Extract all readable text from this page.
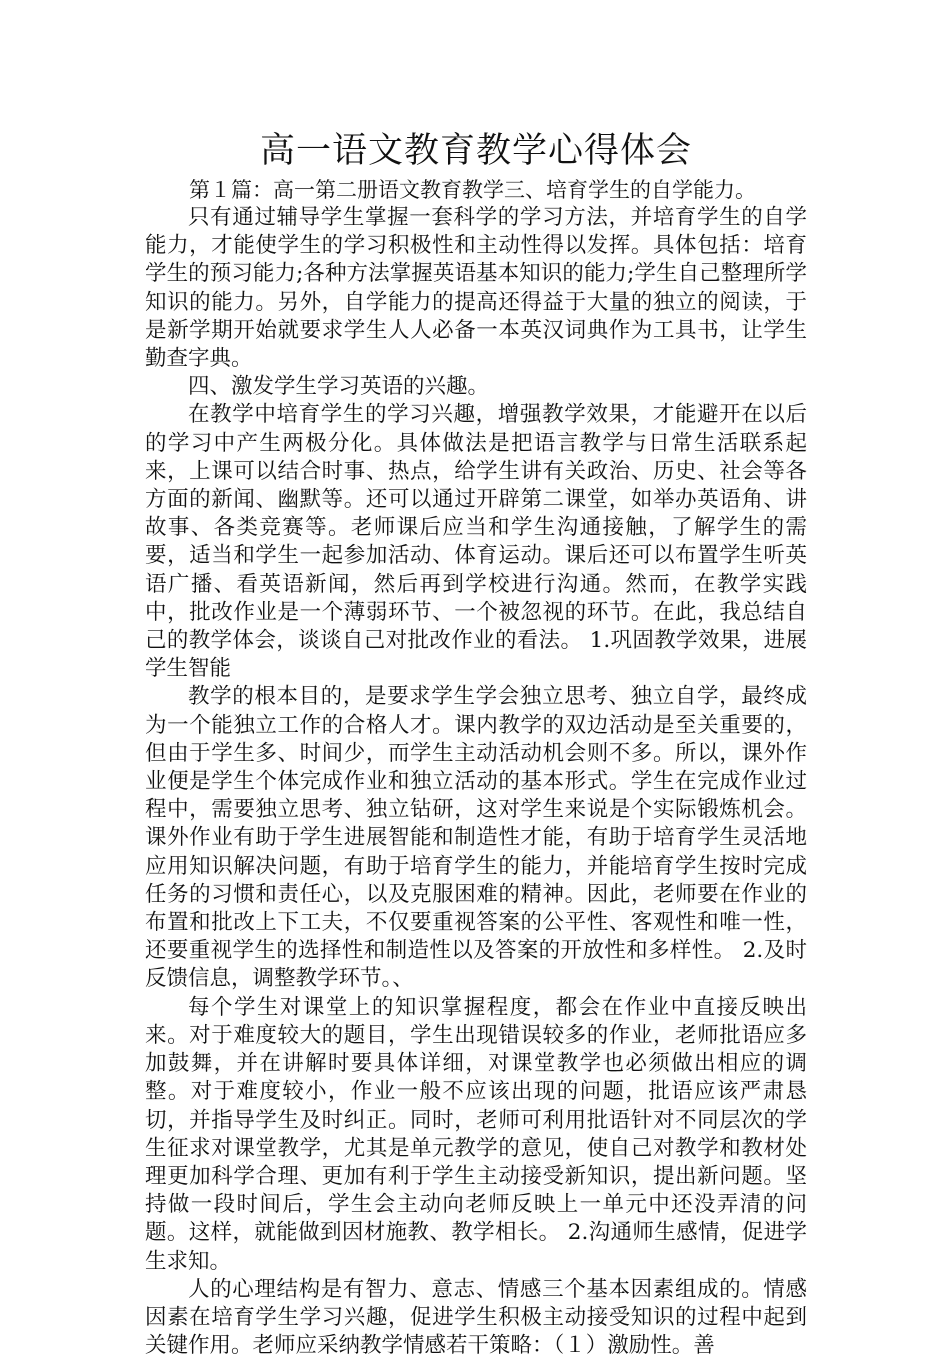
高一语文教育教学心得体会

第１篇：高一第二册语文教育教学三、培育学生的自学能力。

只有通过辅导学生掌握一套科学的学习方法，并培育学生的自学能力，才能使学生的学习积极性和主动性得以发挥。具体包括：培育学生的预习能力;各种方法掌握英语基本知识的能力;学生自己整理所学知识的能力。另外，自学能力的提高还得益于大量的独立的阅读，于是新学期开始就要求学生人人必备一本英汉词典作为工具书，让学生勤查字典。

四、激发学生学习英语的兴趣。

在教学中培育学生的学习兴趣，增强教学效果，才能避开在以后的学习中产生两极分化。具体做法是把语言教学与日常生活联系起来，上课可以结合时事、热点，给学生讲有关政治、历史、社会等各方面的新闻、幽默等。还可以通过开辟第二课堂，如举办英语角、讲故事、各类竞赛等。老师课后应当和学生沟通接触，了解学生的需要，适当和学生一起参加活动、体育运动。课后还可以布置学生听英语广播、看英语新闻，然后再到学校进行沟通。然而，在教学实践中，批改作业是一个薄弱环节、一个被忽视的环节。在此，我总结自己的教学体会，谈谈自己对批改作业的看法。 1.巩固教学效果，进展学生智能

教学的根本目的，是要求学生学会独立思考、独立自学，最终成为一个能独立工作的合格人才。课内教学的双边活动是至关重要的，但由于学生多、时间少，而学生主动活动机会则不多。所以，课外作业便是学生个体完成作业和独立活动的基本形式。学生在完成作业过程中，需要独立思考、独立钻研，这对学生来说是个实际锻炼机会。课外作业有助于学生进展智能和制造性才能，有助于培育学生灵活地应用知识解决问题，有助于培育学生的能力，并能培育学生按时完成任务的习惯和责任心，以及克服困难的精神。因此，老师要在作业的布置和批改上下工夫，不仅要重视答案的公平性、客观性和唯一性，还要重视学生的选择性和制造性以及答案的开放性和多样性。 2.及时反馈信息，调整教学环节。、

每个学生对课堂上的知识掌握程度，都会在作业中直接反映出来。对于难度较大的题目，学生出现错误较多的作业，老师批语应多加鼓舞，并在讲解时要具体详细，对课堂教学也必须做出相应的调整。对于难度较小，作业一般不应该出现的问题，批语应该严肃恳切，并指导学生及时纠正。同时，老师可利用批语针对不同层次的学生征求对课堂教学，尤其是单元教学的意见，使自己对教学和教材处理更加科学合理、更加有利于学生主动接受新知识，提出新问题。坚持做一段时间后，学生会主动向老师反映上一单元中还没弄清的问题。这样，就能做到因材施教、教学相长。 2.沟通师生感情，促进学生求知。

人的心理结构是有智力、意志、情感三个基本因素组成的。情感因素在培育学生学习兴趣，促进学生积极主动接受知识的过程中起到关键作用。老师应采纳教学情感若干策略：（１）激励性。善
